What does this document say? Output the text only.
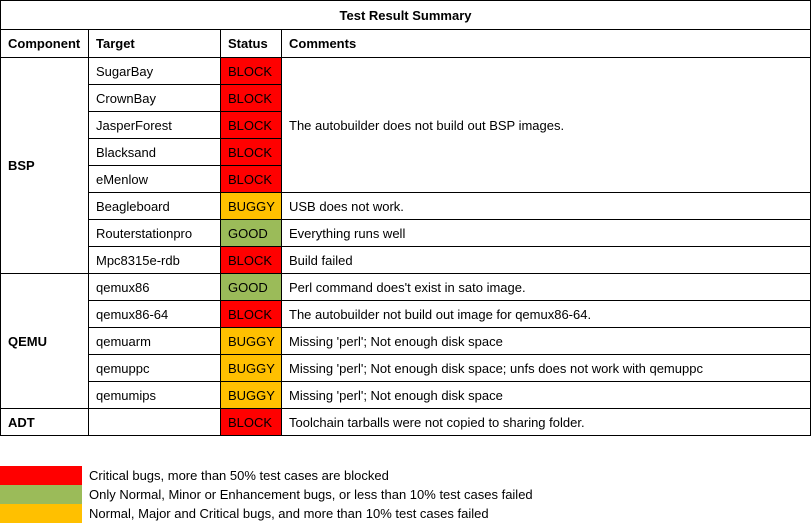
Test Result Summary			
Component	Target	Status	Comments
BSP	SugarBay	BLOCK	The autobuilder does not build out BSP images.
	CrownBay	BLOCK	
	JasperForest	BLOCK	
	Blacksand	BLOCK	
	eMenlow	BLOCK	
	Beagleboard	BUGGY	USB does not work.
	Routerstationpro	GOOD	Everything runs well
	Mpc8315e-rdb	BLOCK	Build failed
QEMU	qemux86	GOOD	Perl command does't exist in sato image.
	qemux86-64	BLOCK	The autobuilder not build out image for qemux86-64.
	qemuarm	BUGGY	Missing 'perl'; Not enough disk space
	qemuppc	BUGGY	Missing 'perl'; Not enough disk space; unfs does not work with qemuppc
	qemumips	BUGGY	Missing 'perl'; Not enough disk space
ADT		BLOCK	Toolchain tarballs were not copied to sharing folder.
Critical bugs, more than 50% test cases are blocked
Only Normal, Minor or Enhancement bugs, or less than 10% test cases failed
Normal, Major and Critical bugs, and more than 10% test cases failed
